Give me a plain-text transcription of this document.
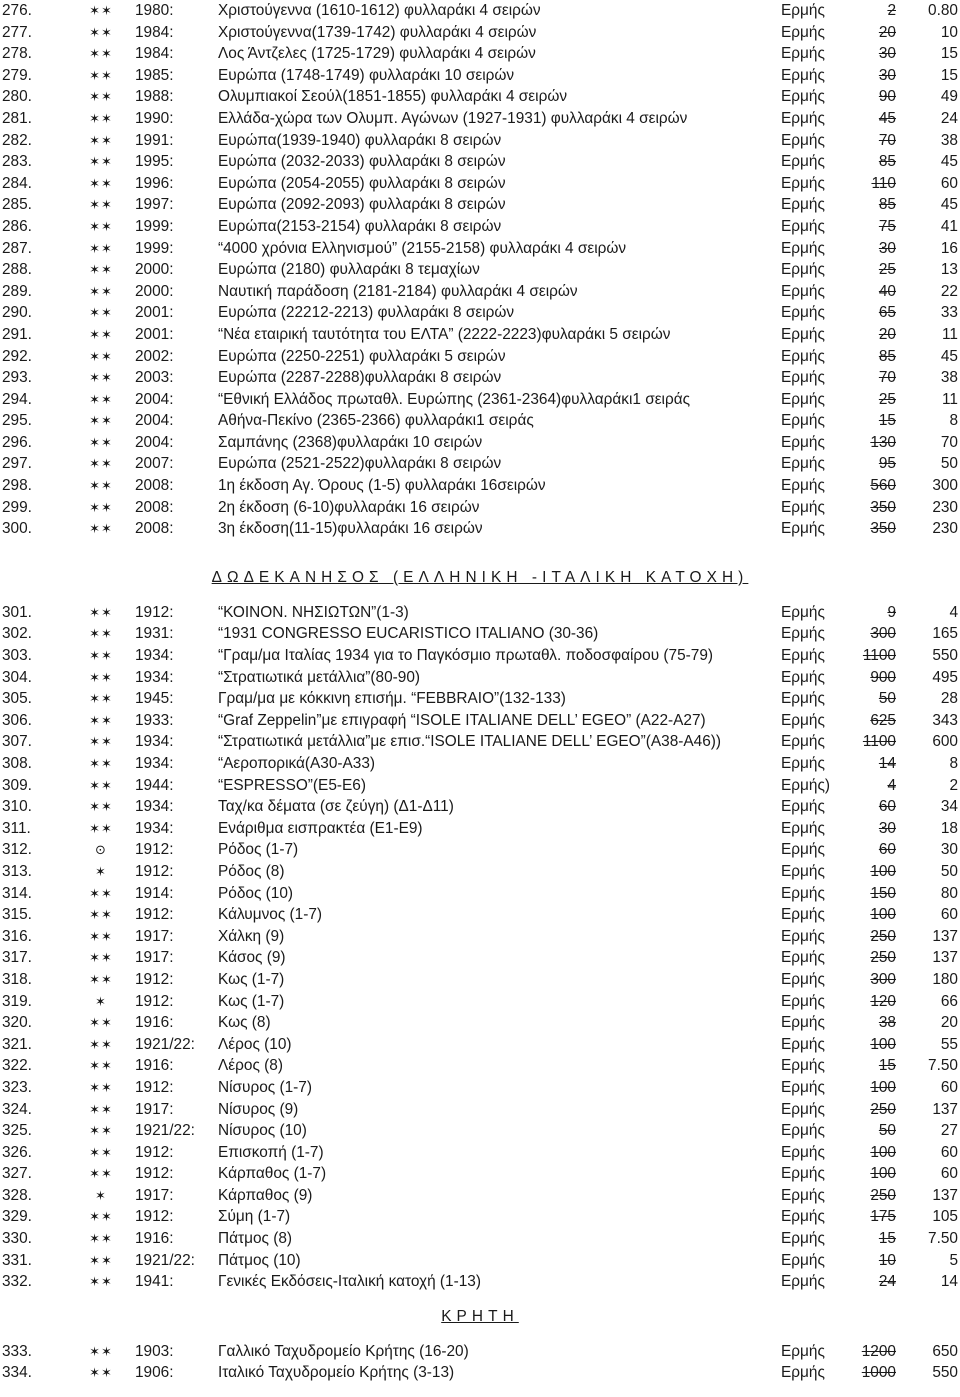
276.	✶✶ 1980:	Χριστούγεννα (1610-1612) φυλλαράκι 4 σειρών	Ερμής	2 0.80
277.	✶✶ 1984:	Χριστούγεννα(1739-1742) φυλλαράκι 4 σειρών	Ερμής	20	10
278.	✶✶ 1984:	Λος Άντζελες (1725-1729) φυλλαράκι 4 σειρών	Ερμής	30	15
279.	✶✶ 1985:	Ευρώπα (1748-1749) φυλλαράκι 10 σειρών	Ερμής	30	15
280.	✶✶ 1988:	Ολυμπιακοί Σεούλ(1851-1855) φυλλαράκι 4 σειρών	Ερμής	90	49
281.	✶✶ 1990:	Ελλάδα-χώρα των Ολυμπ. Αγώνων (1927-1931) φυλλαράκι 4 σειρών	Ερμής	45	24
282.	✶✶ 1991:	Ευρώπα(1939-1940) φυλλαράκι 8 σειρών	Ερμής	70	38
283.	✶✶ 1995:	Ευρώπα (2032-2033) φυλλαράκι 8 σειρών	Ερμής	85	45
284.	✶✶ 1996:	Ευρώπα (2054-2055) φυλλαράκι 8 σειρών	Ερμής	110	60
285.	✶✶ 1997:	Ευρώπα (2092-2093) φυλλαράκι 8 σειρών	Ερμής	85	45
286.	✶✶ 1999:	Ευρώπα(2153-2154) φυλλαράκι 8 σειρών	Ερμής	75	41
287.	✶✶ 1999:	“4000 χρόνια Ελληνισμού” (2155-2158) φυλλαράκι 4 σειρών	Ερμής	30	16
288.	✶✶ 2000:	Ευρώπα (2180) φυλλαράκι 8 τεμαχίων	Ερμής	25	13
289.	✶✶ 2000:	Ναυτική παράδοση (2181-2184) φυλλαράκι 4 σειρών	Ερμής	40	22
290.	✶✶ 2001:	Ευρώπα (22212-2213) φυλλαράκι 8 σειρών	Ερμής	65	33
291.	✶✶ 2001:	“Νέα εταιρική ταυτότητα του ΕΛΤΑ” (2222-2223)φυλαράκι 5 σειρών	Ερμής	20	11
292.	✶✶ 2002:	Ευρώπα (2250-2251) φυλλαράκι 5 σειρών	Ερμής	85	45
293.	✶✶ 2003:	Ευρώπα (2287-2288)φυλλαράκι 8 σειρών	Ερμής	70	38
294.	✶✶ 2004:	“Εθνική Ελλάδος πρωταθλ. Ευρώπης (2361-2364)φυλλαράκι1 σειράς	Ερμής	25	11
295.	✶✶ 2004:	Αθήνα-Πεκίνο (2365-2366) φυλλαράκι1 σειράς	Ερμής	15	8
296.	✶✶ 2004:	Σαμπάνης (2368)φυλλαράκι 10 σειρών	Ερμής	130	70
297.	✶✶ 2007:	Ευρώπα (2521-2522)φυλλαράκι 8 σειρών	Ερμής	95	50
298.	✶✶ 2008:	1η έκδοση Αγ. Όρους (1-5) φυλλαράκι 16σειρών	Ερμής	560 300
299.	✶✶ 2008:	2η έκδοση (6-10)φυλλαράκι 16 σειρών	Ερμής	350 230
300.	✶✶ 2008:	3η έκδοση(11-15)φυλλαράκι 16 σειρών	Ερμής	350 230
ΔΩΔΕΚΑΝΗΣΟΣ (ΕΛΛΗΝΙΚΗ -ΙΤΑΛΙΚΗ ΚΑΤΟΧΗ)
301.	✶✶ 1912:	“ΚΟΙΝΟΝ. ΝΗΣΙΩΤΩΝ”(1-3)	Ερμής	9	4
302.	✶✶ 1931:	“1931 CONGRESSO EUCARISTICO ITALIANO (30-36)	Ερμής	300 165
303.	✶✶ 1934:	“Γραμ/μα Ιταλίας 1934 για το Παγκόσμιο πρωταθλ. ποδοσφαίρου (75-79)	Ερμής 1100 550
304.	✶✶ 1934:	“Στρατιωτικά μετάλλια”(80-90)	Ερμής	900 495
305.	✶✶ 1945:	Γραμ/μα με κόκκινη επισήμ. “FEBBRAIO”(132-133)	Ερμής	50	28
306.	✶✶ 1933:	“Graf Zeppelin”με επιγραφή “ISOLE ITALIANE DELL’ EGEO” (A22-A27)	Ερμής	625 343
307.	✶✶ 1934:	“Στρατιωτικά μετάλλια”με επισ.“ISOLE ITALIANE DELL’ EGEO”(A38-A46))	Ερμής 1100 600
308.	✶✶ 1934:	“Αεροπορικά(A30-A33)	Ερμής	14	8
309.	✶✶ 1944:	“ESPRESSO”(E5-E6)	Ερμής)	4	2
310.	✶✶ 1934:	Ταχ/κα δέματα (σε ζεύγη) (Δ1-Δ11)	Ερμής	60	34
311.	✶✶ 1934:	Ενάριθμα εισπρακτέα (E1-E9)	Ερμής	30	18
312.	⊙	1912:	Ρόδος (1-7)	Ερμής	60	30
313.	✶	1912:	Ρόδος (8)	Ερμής	100	50
314.	✶✶ 1914:	Ρόδος (10)	Ερμής	150	80
315.	✶✶ 1912:	Κάλυμνος (1-7)	Ερμής	100	60
316.	✶✶ 1917:	Χάλκη (9)	Ερμής	250 137
317.	✶✶ 1917:	Κάσος (9)	Ερμής	250 137
318.	✶✶ 1912:	Κως (1-7)	Ερμής	300 180
319.	✶	1912:	Κως (1-7)	Ερμής	120	66
320.	✶✶ 1916:	Κως (8)	Ερμής	38	20
321.	✶✶ 1921/22: Λέρος (10)	Ερμής	100	55
322.	✶✶ 1916:	Λέρος (8)	Ερμής	15 7.50
323.	✶✶ 1912:	Νίσυρος (1-7)	Ερμής	100	60
324.	✶✶ 1917:	Νίσυρος (9)	Ερμής	250 137
325.	✶✶ 1921/22: Νίσυρος (10)	Ερμής	50	27
326.	✶✶ 1912:	Επισκοπή (1-7)	Ερμής	100	60
327.	✶✶ 1912:	Κάρπαθος (1-7)	Ερμής	100	60
328.	✶	1917:	Κάρπαθος (9)	Ερμής	250 137
329.	✶✶ 1912:	Σύμη (1-7)	Ερμής	175 105
330.	✶✶ 1916:	Πάτμος (8)	Ερμής	15 7.50
331.	✶✶ 1921/22: Πάτμος (10)	Ερμής	10	5
332.	✶✶ 1941:	Γενικές Εκδόσεις-Ιταλική κατοχή (1-13)	Ερμής	24	14
ΚΡΗΤΗ
333.	✶✶ 1903:	Γαλλικό Ταχυδρομείο Κρήτης (16-20)	Ερμής 1200 650
334.	✶✶ 1906:	Ιταλικό Ταχυδρομείο Κρήτης (3-13)	Ερμής 1000 550
